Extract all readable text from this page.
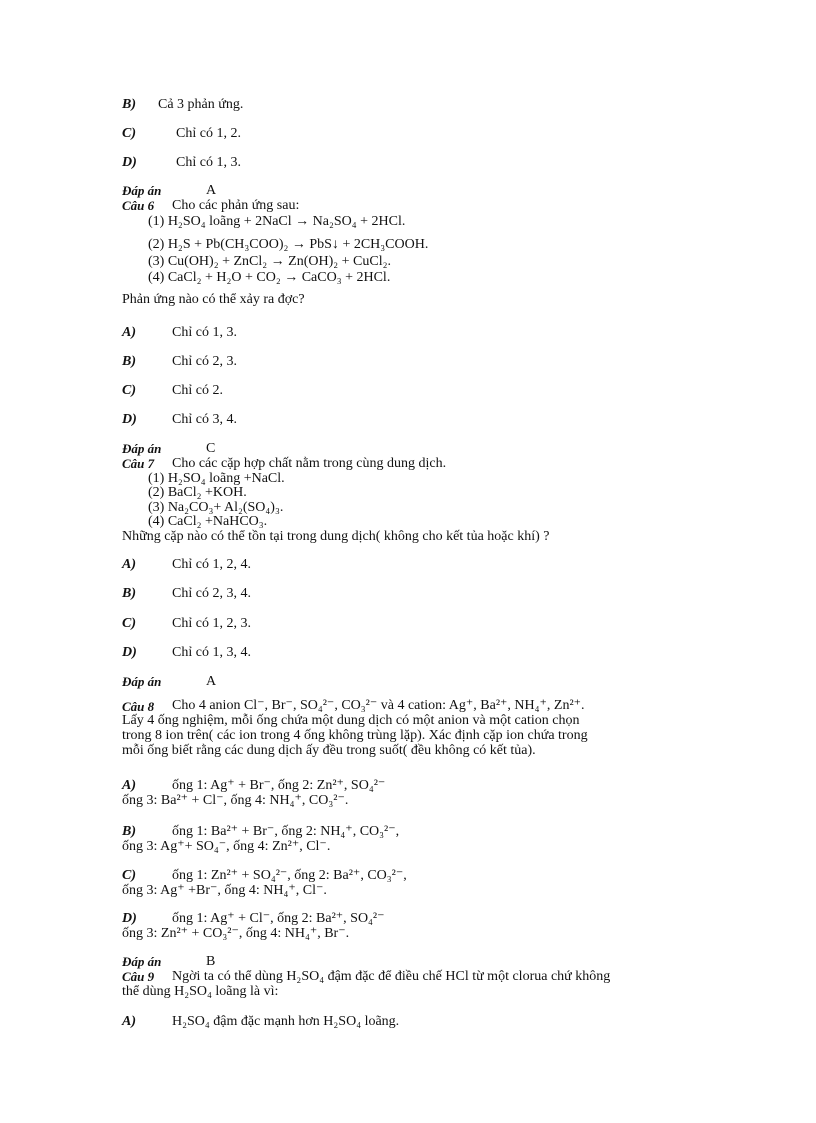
B) Cả 3 phản ứng.
C)	Chỉ có 1, 2.
D)	Chỉ có 1, 3.
Đáp án	A
Câu 6 Cho các phản ứng sau:
(1) H₂SO₄ loãng + 2NaCl → Na₂SO₄ + 2HCl.
(2) H₂S + Pb(CH₃COO)₂ → PbS↓ + 2CH₃COOH.
(3) Cu(OH)₂ + ZnCl₂ → Zn(OH)₂ + CuCl₂.
(4) CaCl₂ + H₂O + CO₂ → CaCO₃ + 2HCl.
Phản ứng nào có thể xảy ra đợc?
A)	Chỉ có 1, 3.
B)	Chỉ có 2, 3.
C)	Chỉ có 2.
D)	Chỉ có 3, 4.
Đáp án	C
Câu 7 Cho các cặp hợp chất nằm trong cùng dung dịch.
(1) H₂SO₄ loãng +NaCl.
(2) BaCl₂ +KOH.
(3) Na₂CO₃+ Al₂(SO₄)₃.
(4) CaCl₂ +NaHCO₃.
Những cặp nào có thể tồn tại trong dung dịch( không cho kết tủa hoặc khí) ?
A)	Chỉ có 1, 2, 4.
B)	Chỉ có 2, 3, 4.
C)	Chỉ có 1, 2, 3.
D)	Chỉ có 1, 3, 4.
Đáp án	A
Câu 8 Cho 4 anion Cl⁻, Br⁻, SO₄²⁻, CO₃²⁻ và 4 cation: Ag⁺, Ba²⁺, NH₄⁺, Zn²⁺.
Lấy 4 ống nghiệm, mỗi ống chứa một dung dịch có một anion và một cation chọn
trong 8 ion trên( các ion trong 4 ống không trùng lặp). Xác định cặp ion chứa trong
mỗi ống biết rằng các dung dịch ấy đều trong suốt( đều không có kết tủa).
A)	ống 1: Ag⁺ + Br⁻, ống 2: Zn²⁺, SO₄²⁻
ống 3: Ba²⁺ + Cl⁻, ống 4: NH₄⁺, CO₃²⁻.
B)	ống 1: Ba²⁺ + Br⁻, ống 2: NH₄⁺, CO₃²⁻,
ống 3: Ag⁺+ SO₄⁻, ống 4: Zn²⁺, Cl⁻.
C)	ống 1: Zn²⁺ + SO₄²⁻, ống 2: Ba²⁺, CO₃²⁻,
ống 3: Ag⁺ +Br⁻, ống 4: NH₄⁺, Cl⁻.
D)	ống 1: Ag⁺ + Cl⁻, ống 2: Ba²⁺, SO₄²⁻
ống 3: Zn²⁺ + CO₃²⁻, ống 4: NH₄⁺, Br⁻.
Đáp án	B
Câu 9 Ngời ta có thể dùng H₂SO₄ đậm đặc để điều chế HCl từ một clorua chứ không
thể dùng H₂SO₄ loãng là vì:
A)	H₂SO₄ đậm đặc mạnh hơn H₂SO₄ loãng.
